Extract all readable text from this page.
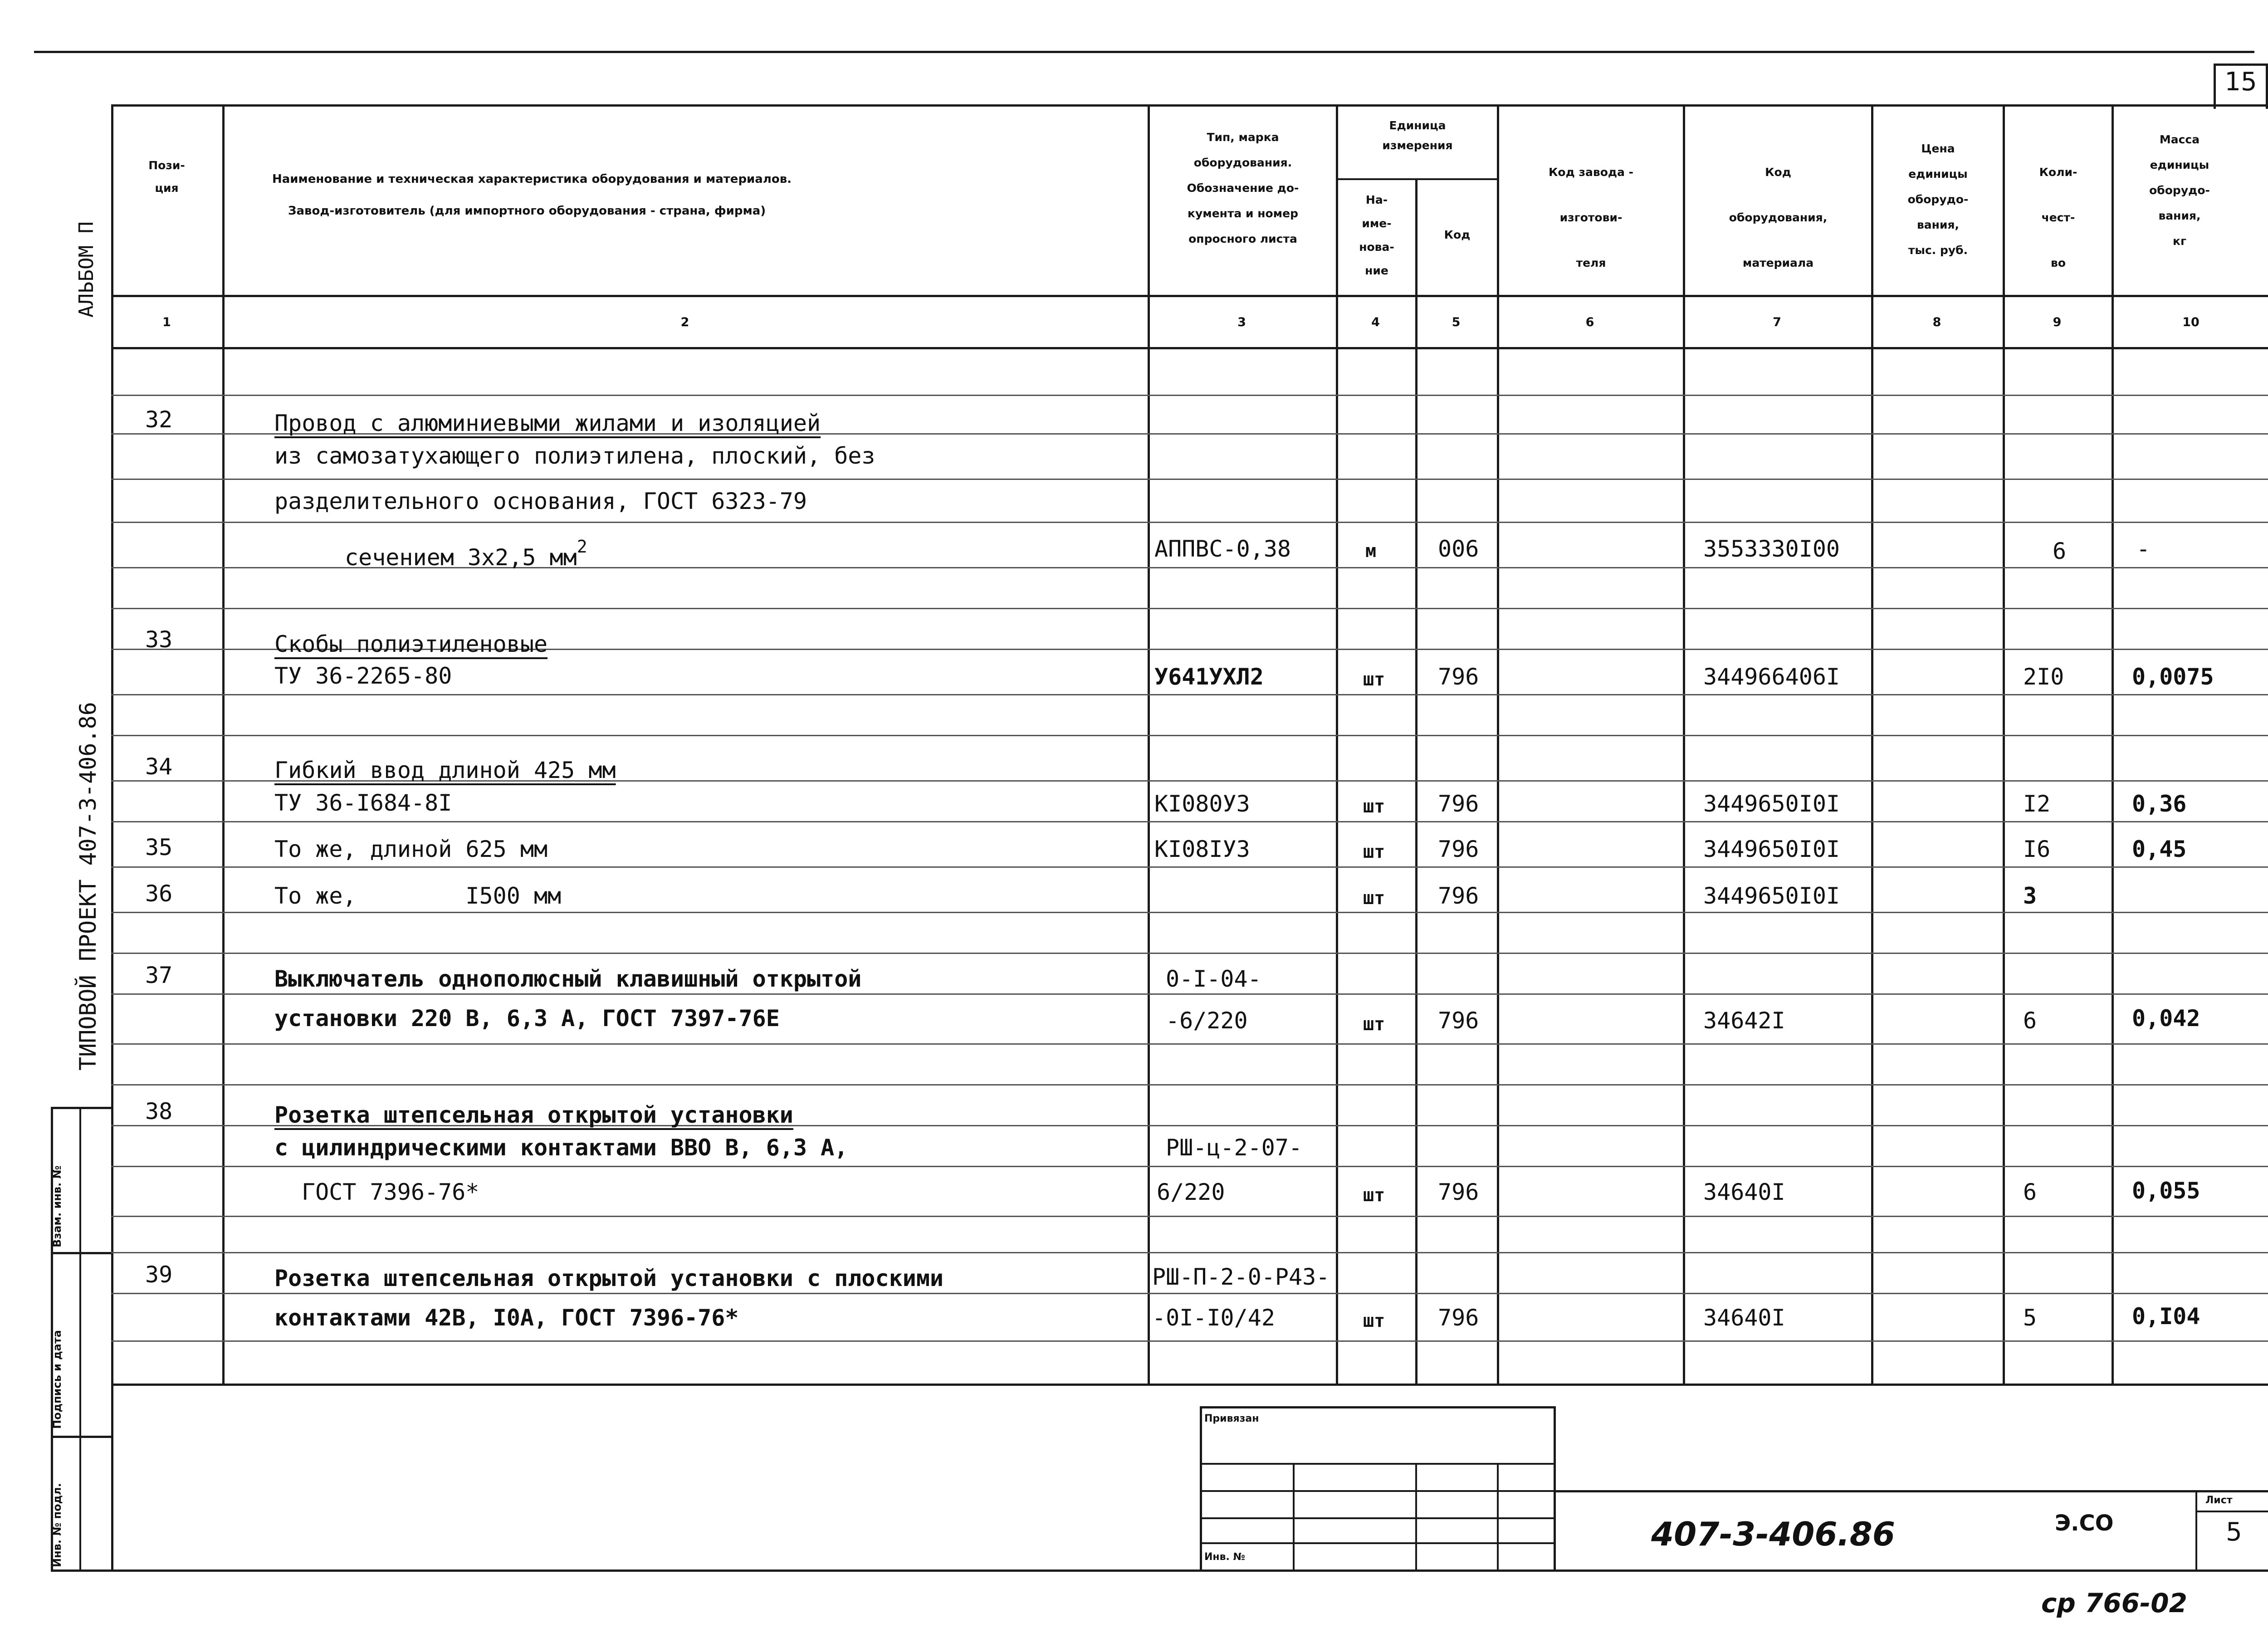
15
Взам. инв. №
Подпись и дата
Инв. № подл.
АЛЬБОМ П
ТИПОВОЙ ПРОЕКТ 407-3-406.86
Пози-
ция
Наименование и техническая характеристика оборудования и материалов.
Завод-изготовитель (для импортного оборудования - страна, фирма)
Тип, марка
оборудования.
Обозначение до-
кумента и номер
опросного листа
Единица
измерения
На-
име-
нова-
ние
Код
Код завода -
изготови-
теля
Код
оборудования,
материала
Цена
единицы
оборудо-
вания,
тыс. руб.
Коли-
чест-
во
Масса
единицы
оборудо-
вания,
кг
1	2	3	4	5	6	7	8	9	10
32	Провод с алюминиевыми жилами и изоляцией
из самозатухающего полиэтилена, плоский, без
разделительного основания, ГОСТ 6323-79
сечением 3х2,5 $мм^2$	АППВС-0,38	м	006	3553330I00	6	-
33	Скобы полиэтиленовые
ТУ 36-2265-80	У641УХЛ2	шт 796	344966406I	2I0	0,0075
34	Гибкий ввод длиной 425 мм
ТУ 36-I684-8I	КI080У3	шт 796	3449650I0I	I2	0,36
35	То же, длиной 625 мм	КI08IУ3	шт 796	3449650I0I	I6	0,45
36	То же,        I500 мм	шт 796	3449650I0I	3
37	Выключатель однополюсный клавишный открытой	0-I-04-
установки 220 В, 6,3 А, ГОСТ 7397-76Е	-6/220	шт 796	34642I	6	0,042
38	Розетка штепсельная открытой установки
с цилиндрическими контактами ВВО В, 6,3 А,	РШ-ц-2-07-
ГОСТ 7396-76*	6/220	шт 796	34640I	6	0,055
39	Розетка штепсельная открытой установки с плоскими	РШ-П-2-0-Р43-
контактами 42В, I0А, ГОСТ 7396-76*	-0I-I0/42	шт 796	34640I	5	0,I04
Привязан
Инв. №
407-3-406.86	Э.СО
Лист
5
ср 766-02
